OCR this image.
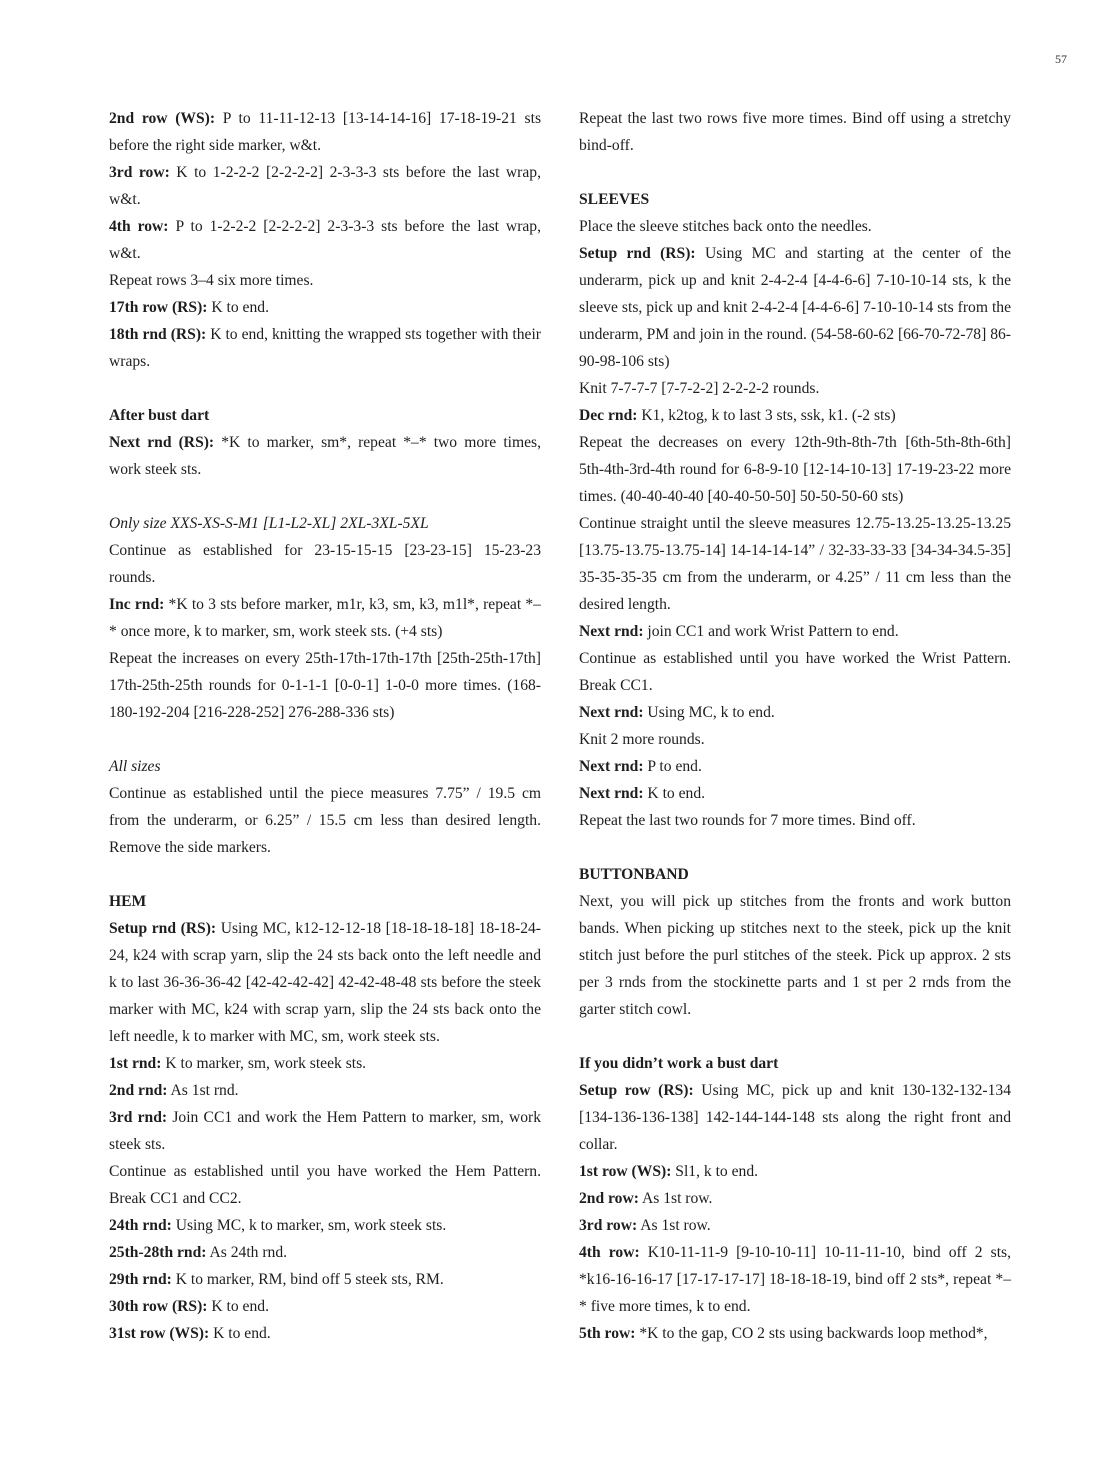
57

2nd row (WS): P to 11-11-12-13 [13-14-14-16] 17-18-19-21 sts before the right side marker, w&t.

3rd row: K to 1-2-2-2 [2-2-2-2] 2-3-3-3 sts before the last wrap, w&t.

4th row: P to 1-2-2-2 [2-2-2-2] 2-3-3-3 sts before the last wrap, w&t.

Repeat rows 3–4 six more times.

17th row (RS): K to end.

18th rnd (RS): K to end, knitting the wrapped sts together with their wraps.

After bust dart

Next rnd (RS): *K to marker, sm*, repeat *–* two more times, work steek sts.

Only size XXS-XS-S-M1 [L1-L2-XL] 2XL-3XL-5XL

Continue as established for 23-15-15-15 [23-23-15] 15-23-23 rounds.

Inc rnd: *K to 3 sts before marker, m1r, k3, sm, k3, m1l*, repeat *–* once more, k to marker, sm, work steek sts. (+4 sts)

Repeat the increases on every 25th-17th-17th-17th [25th-25th-17th] 17th-25th-25th rounds for 0-1-1-1 [0-0-1] 1-0-0 more times. (168-180-192-204 [216-228-252] 276-288-336 sts)

All sizes

Continue as established until the piece measures 7.75” / 19.5 cm from the underarm, or 6.25” / 15.5 cm less than desired length. Remove the side markers.

HEM

Setup rnd (RS): Using MC, k12-12-12-18 [18-18-18-18] 18-18-24-24, k24 with scrap yarn, slip the 24 sts back onto the left needle and k to last 36-36-36-42 [42-42-42-42] 42-42-48-48 sts before the steek marker with MC, k24 with scrap yarn, slip the 24 sts back onto the left needle, k to marker with MC, sm, work steek sts.

1st rnd: K to marker, sm, work steek sts.

2nd rnd: As 1st rnd.

3rd rnd: Join CC1 and work the Hem Pattern to marker, sm, work steek sts.

Continue as established until you have worked the Hem Pattern. Break CC1 and CC2.

24th rnd: Using MC, k to marker, sm, work steek sts.

25th-28th rnd: As 24th rnd.

29th rnd: K to marker, RM, bind off 5 steek sts, RM.

30th row (RS): K to end.

31st row (WS): K to end.

Repeat the last two rows five more times. Bind off using a stretchy bind-off.

SLEEVES

Place the sleeve stitches back onto the needles.

Setup rnd (RS): Using MC and starting at the center of the underarm, pick up and knit 2-4-2-4 [4-4-6-6] 7-10-10-14 sts, k the sleeve sts, pick up and knit 2-4-2-4 [4-4-6-6] 7-10-10-14 sts from the underarm, PM and join in the round. (54-58-60-62 [66-70-72-78] 86-90-98-106 sts)

Knit 7-7-7-7 [7-7-2-2] 2-2-2-2 rounds.

Dec rnd: K1, k2tog, k to last 3 sts, ssk, k1. (-2 sts)

Repeat the decreases on every 12th-9th-8th-7th [6th-5th-8th-6th] 5th-4th-3rd-4th round for 6-8-9-10 [12-14-10-13] 17-19-23-22 more times. (40-40-40-40 [40-40-50-50] 50-50-50-60 sts)

Continue straight until the sleeve measures 12.75-13.25-13.25-13.25 [13.75-13.75-13.75-14] 14-14-14-14” / 32-33-33-33 [34-34-34.5-35] 35-35-35-35 cm from the underarm, or 4.25” / 11 cm less than the desired length.

Next rnd: join CC1 and work Wrist Pattern to end.

Continue as established until you have worked the Wrist Pattern. Break CC1.

Next rnd: Using MC, k to end.

Knit 2 more rounds.

Next rnd: P to end.

Next rnd: K to end.

Repeat the last two rounds for 7 more times. Bind off.

BUTTONBAND

Next, you will pick up stitches from the fronts and work button bands. When picking up stitches next to the steek, pick up the knit stitch just before the purl stitches of the steek. Pick up approx. 2 sts per 3 rnds from the stockinette parts and 1 st per 2 rnds from the garter stitch cowl.

If you didn’t work a bust dart

Setup row (RS): Using MC, pick up and knit 130-132-132-134 [134-136-136-138] 142-144-144-148 sts along the right front and collar.

1st row (WS): Sl1, k to end.

2nd row: As 1st row.

3rd row: As 1st row.

4th row: K10-11-11-9 [9-10-10-11] 10-11-11-10, bind off 2 sts, *k16-16-16-17 [17-17-17-17] 18-18-18-19, bind off 2 sts*, repeat *–* five more times, k to end.

5th row: *K to the gap, CO 2 sts using backwards loop method*,
